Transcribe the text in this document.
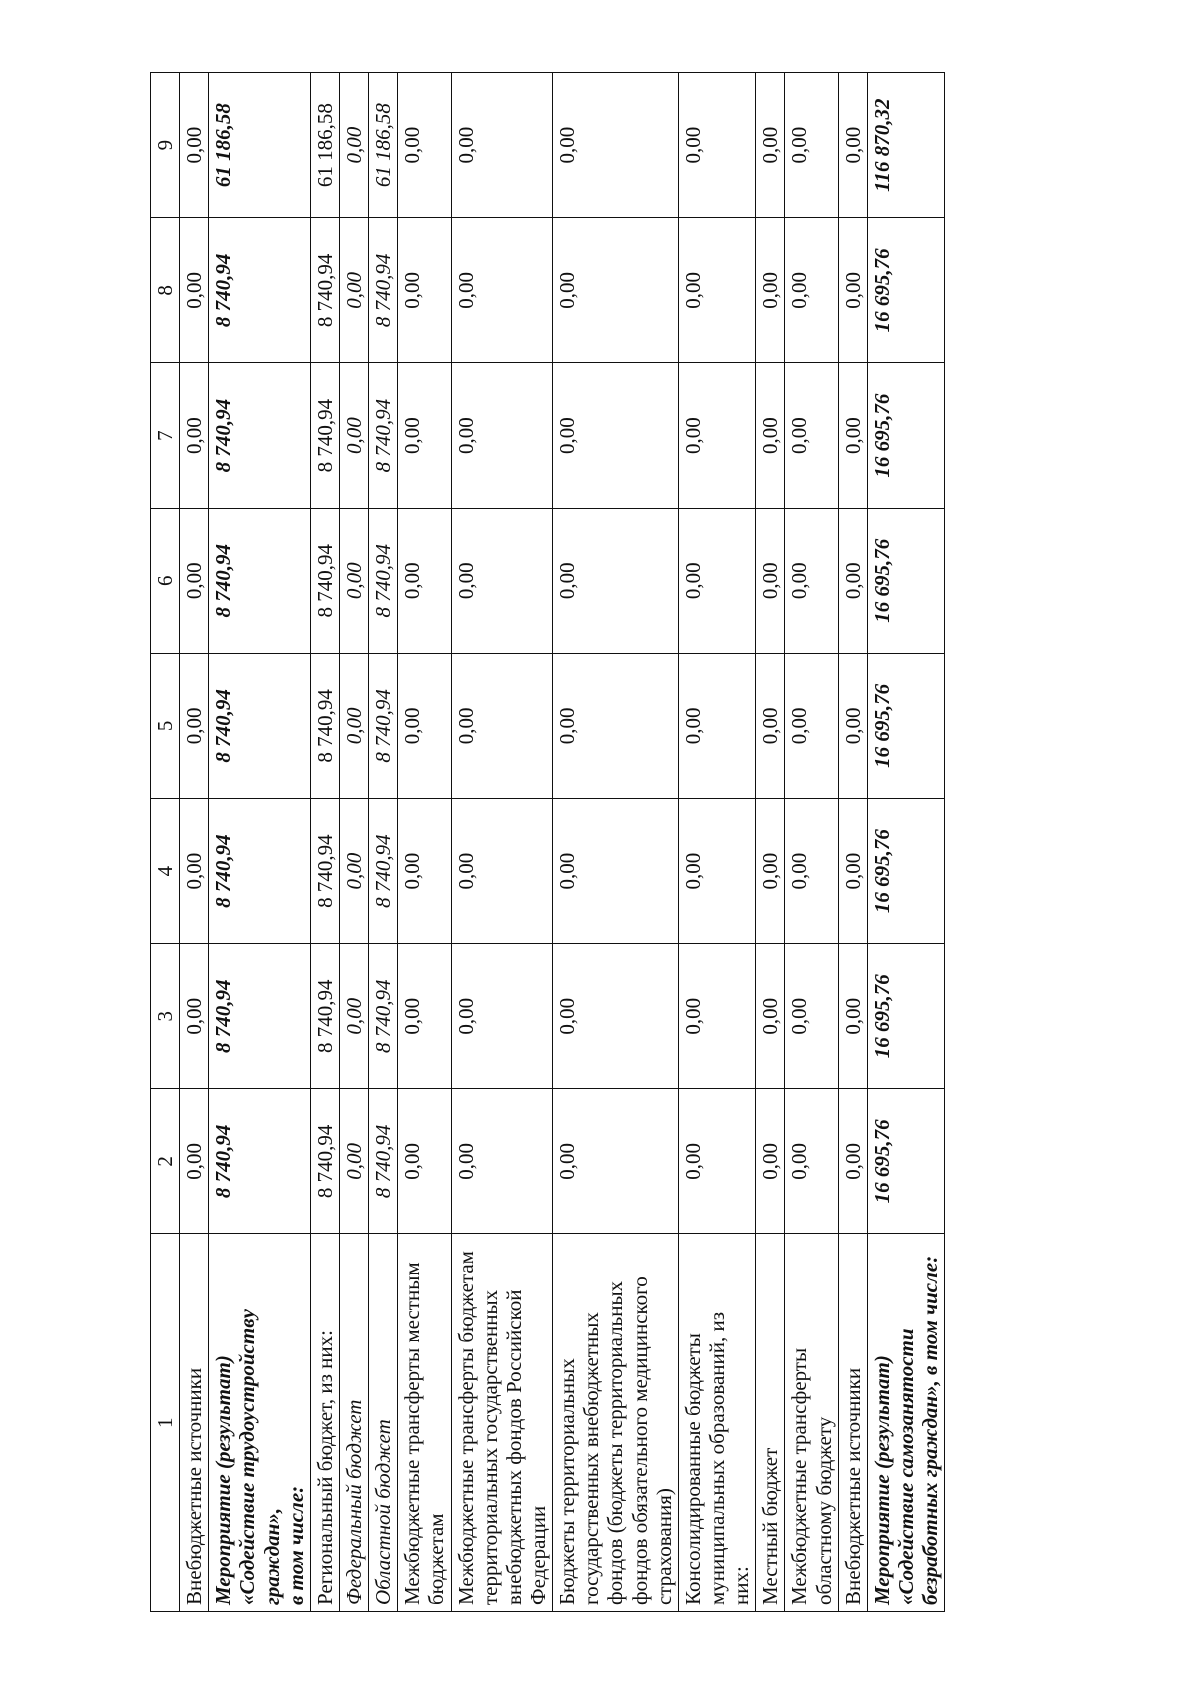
1	2	3	4	5	6	7	8	9

Внебюджетные источники	0,00	0,00	0,00	0,00	0,00	0,00	0,00	0,00

Мероприятие (результат) «Содействие трудоустройству граждан», в том числе:	8 740,94	8 740,94	8 740,94	8 740,94	8 740,94	8 740,94	8 740,94	61 186,58

Региональный бюджет, из них:	8 740,94	8 740,94	8 740,94	8 740,94	8 740,94	8 740,94	8 740,94	61 186,58

Федеральный бюджет	0,00	0,00	0,00	0,00	0,00	0,00	0,00	0,00

Областной бюджет	8 740,94	8 740,94	8 740,94	8 740,94	8 740,94	8 740,94	8 740,94	61 186,58

Межбюджетные трансферты местным бюджетам	0,00	0,00	0,00	0,00	0,00	0,00	0,00	0,00

Межбюджетные трансферты бюджетам территориальных государственных внебюджетных фондов Российской Федерации	0,00	0,00	0,00	0,00	0,00	0,00	0,00	0,00

Бюджеты территориальных государственных внебюджетных фондов (бюджеты территориальных фондов обязательного медицинского страхования)	0,00	0,00	0,00	0,00	0,00	0,00	0,00	0,00

Консолидированные бюджеты муниципальных образований, из них:	0,00	0,00	0,00	0,00	0,00	0,00	0,00	0,00

Местный бюджет	0,00	0,00	0,00	0,00	0,00	0,00	0,00	0,00

Межбюджетные трансферты областному бюджету	0,00	0,00	0,00	0,00	0,00	0,00	0,00	0,00

Внебюджетные источники	0,00	0,00	0,00	0,00	0,00	0,00	0,00	0,00

Мероприятие (результат) «Содействие самозанятости безработных граждан», в том числе:	16 695,76	16 695,76	16 695,76	16 695,76	16 695,76	16 695,76	16 695,76	116 870,32
